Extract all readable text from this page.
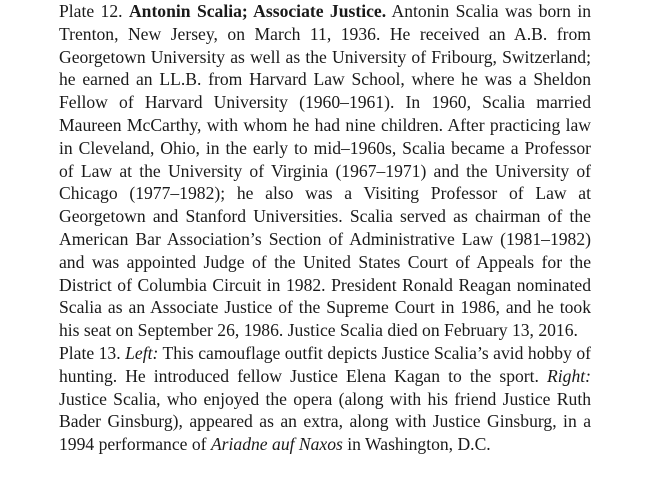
Plate 12. Antonin Scalia; Associate Justice. Antonin Scalia was born in Trenton, New Jersey, on March 11, 1936. He received an A.B. from Georgetown University as well as the University of Fribourg, Switzerland; he earned an LL.B. from Harvard Law School, where he was a Sheldon Fellow of Harvard University (1960–1961). In 1960, Scalia married Maureen McCarthy, with whom he had nine children. After practicing law in Cleveland, Ohio, in the early to mid–1960s, Scalia became a Professor of Law at the University of Virginia (1967–1971) and the University of Chicago (1977–1982); he also was a Visiting Professor of Law at Georgetown and Stanford Universities. Scalia served as chairman of the American Bar Association’s Section of Administrative Law (1981–1982) and was appointed Judge of the United States Court of Appeals for the District of Columbia Circuit in 1982. President Ronald Reagan nominated Scalia as an Associate Justice of the Supreme Court in 1986, and he took his seat on September 26, 1986. Justice Scalia died on February 13, 2016.

Plate 13. Left: This camouflage outfit depicts Justice Scalia’s avid hobby of hunting. He introduced fellow Justice Elena Kagan to the sport. Right: Justice Scalia, who enjoyed the opera (along with his friend Justice Ruth Bader Ginsburg), appeared as an extra, along with Justice Ginsburg, in a 1994 performance of Ariadne auf Naxos in Washington, D.C.
